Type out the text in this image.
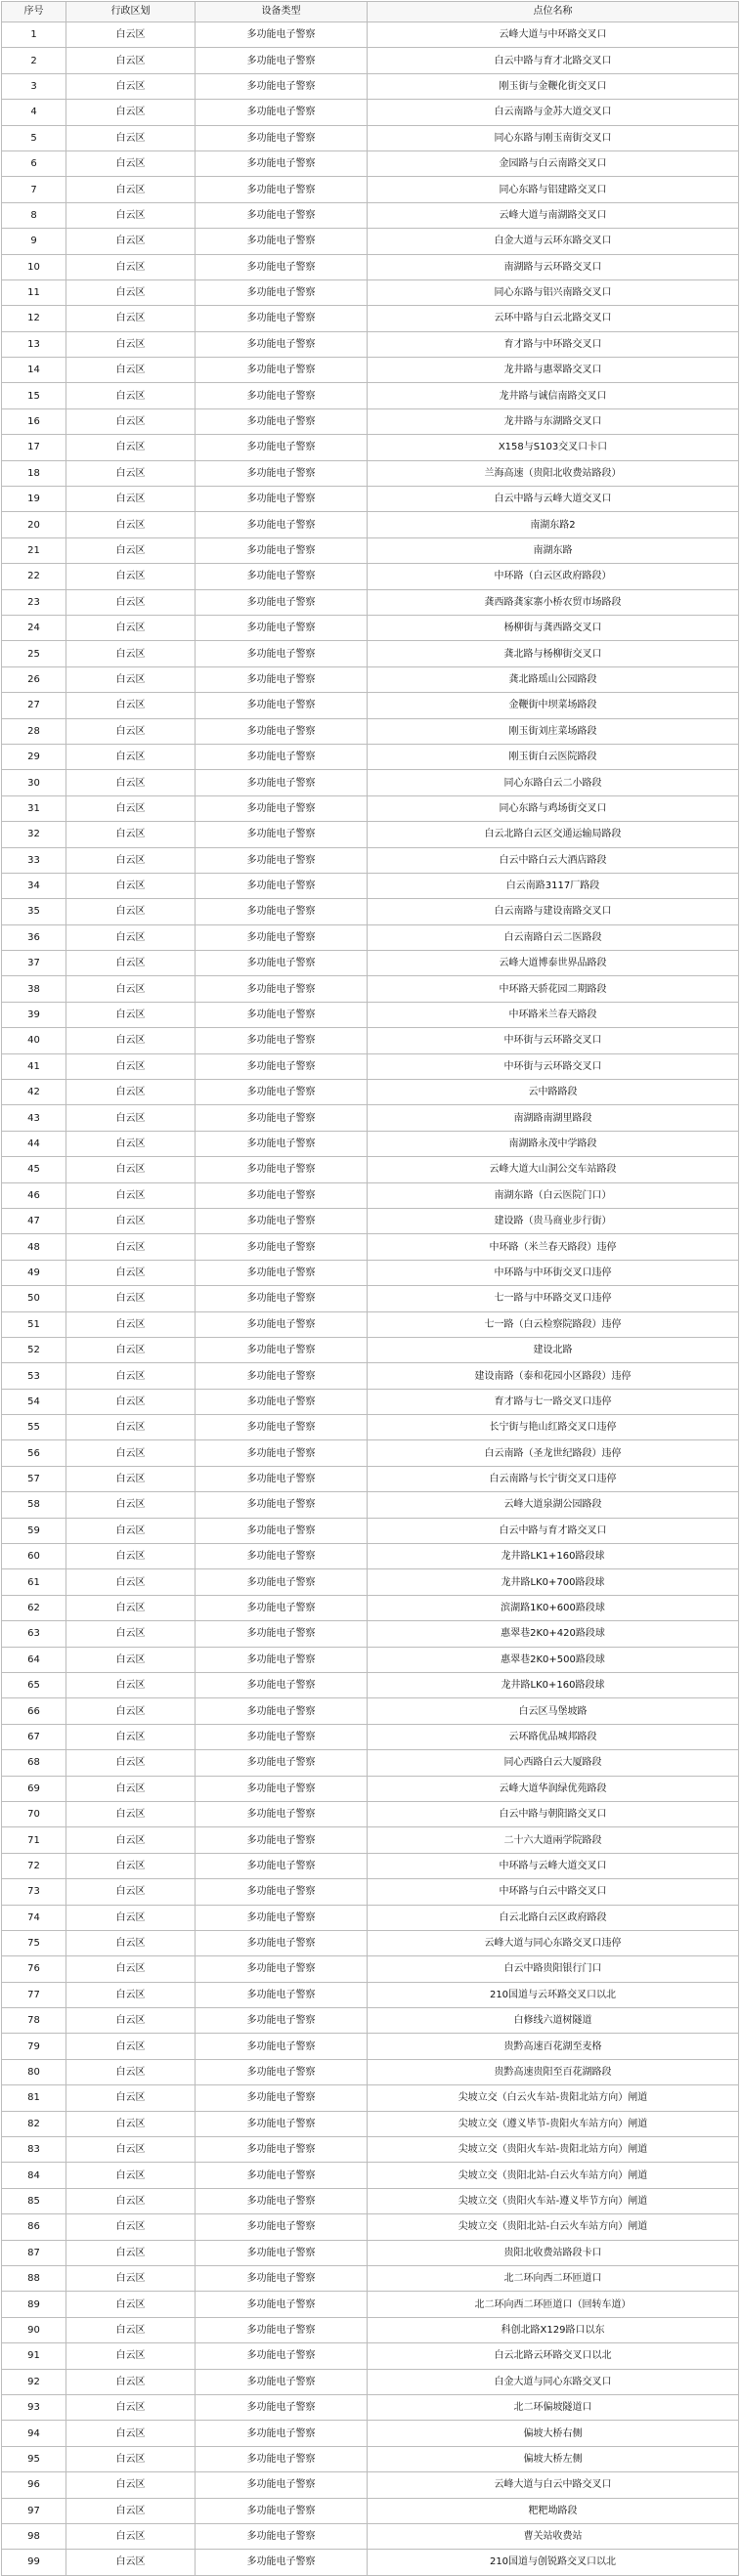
序号	行政区划	设备类型	点位名称
1	白云区	多功能电子警察	云峰大道与中环路交叉口
2	白云区	多功能电子警察	白云中路与育才北路交叉口
3	白云区	多功能电子警察	刚玉街与金鞭化街交叉口
4	白云区	多功能电子警察	白云南路与金苏大道交叉口
5	白云区	多功能电子警察	同心东路与刚玉南街交叉口
6	白云区	多功能电子警察	金园路与白云南路交叉口
7	白云区	多功能电子警察	同心东路与铝建路交叉口
8	白云区	多功能电子警察	云峰大道与南湖路交叉口
9	白云区	多功能电子警察	白金大道与云环东路交叉口
10	白云区	多功能电子警察	南湖路与云环路交叉口
11	白云区	多功能电子警察	同心东路与铝兴南路交叉口
12	白云区	多功能电子警察	云环中路与白云北路交叉口
13	白云区	多功能电子警察	育才路与中环路交叉口
14	白云区	多功能电子警察	龙井路与惠翠路交叉口
15	白云区	多功能电子警察	龙井路与诚信南路交叉口
16	白云区	多功能电子警察	龙井路与东湖路交叉口
17	白云区	多功能电子警察	X158与S103交叉口卡口
18	白云区	多功能电子警察	兰海高速（贵阳北收费站路段）
19	白云区	多功能电子警察	白云中路与云峰大道交叉口
20	白云区	多功能电子警察	南湖东路2
21	白云区	多功能电子警察	南湖东路
22	白云区	多功能电子警察	中环路（白云区政府路段）
23	白云区	多功能电子警察	龚西路龚家寨小桥农贸市场路段
24	白云区	多功能电子警察	杨柳街与龚西路交叉口
25	白云区	多功能电子警察	龚北路与杨柳街交叉口
26	白云区	多功能电子警察	龚北路瑶山公园路段
27	白云区	多功能电子警察	金鞭街中坝菜场路段
28	白云区	多功能电子警察	刚玉街刘庄菜场路段
29	白云区	多功能电子警察	刚玉街白云医院路段
30	白云区	多功能电子警察	同心东路白云二小路段
31	白云区	多功能电子警察	同心东路与鸡场街交叉口
32	白云区	多功能电子警察	白云北路白云区交通运输局路段
33	白云区	多功能电子警察	白云中路白云大酒店路段
34	白云区	多功能电子警察	白云南路3117厂路段
35	白云区	多功能电子警察	白云南路与建设南路交叉口
36	白云区	多功能电子警察	白云南路白云二医路段
37	白云区	多功能电子警察	云峰大道博泰世界品路段
38	白云区	多功能电子警察	中环路天骄花园二期路段
39	白云区	多功能电子警察	中环路米兰春天路段
40	白云区	多功能电子警察	中环街与云环路交叉口
41	白云区	多功能电子警察	中环街与云环路交叉口
42	白云区	多功能电子警察	云中路路段
43	白云区	多功能电子警察	南湖路南湖里路段
44	白云区	多功能电子警察	南湖路永茂中学路段
45	白云区	多功能电子警察	云峰大道大山洞公交车站路段
46	白云区	多功能电子警察	南湖东路（白云医院门口）
47	白云区	多功能电子警察	建设路（贵马商业步行街）
48	白云区	多功能电子警察	中环路（米兰春天路段）违停
49	白云区	多功能电子警察	中环路与中环街交叉口违停
50	白云区	多功能电子警察	七一路与中环路交叉口违停
51	白云区	多功能电子警察	七一路（白云检察院路段）违停
52	白云区	多功能电子警察	建设北路
53	白云区	多功能电子警察	建设南路（泰和花园小区路段）违停
54	白云区	多功能电子警察	育才路与七一路交叉口违停
55	白云区	多功能电子警察	长宁街与艳山红路交叉口违停
56	白云区	多功能电子警察	白云南路（圣龙世纪路段）违停
57	白云区	多功能电子警察	白云南路与长宁街交叉口违停
58	白云区	多功能电子警察	云峰大道泉湖公园路段
59	白云区	多功能电子警察	白云中路与育才路交叉口
60	白云区	多功能电子警察	龙井路LK1+160路段球
61	白云区	多功能电子警察	龙井路LK0+700路段球
62	白云区	多功能电子警察	滨湖路1K0+600路段球
63	白云区	多功能电子警察	惠翠巷2K0+420路段球
64	白云区	多功能电子警察	惠翠巷2K0+500路段球
65	白云区	多功能电子警察	龙井路LK0+160路段球
66	白云区	多功能电子警察	白云区马堡坡路
67	白云区	多功能电子警察	云环路优品城邦路段
68	白云区	多功能电子警察	同心西路白云大厦路段
69	白云区	多功能电子警察	云峰大道华润绿优苑路段
70	白云区	多功能电子警察	白云中路与朝阳路交叉口
71	白云区	多功能电子警察	二十六大道兩学院路段
72	白云区	多功能电子警察	中环路与云峰大道交叉口
73	白云区	多功能电子警察	中环路与白云中路交叉口
74	白云区	多功能电子警察	白云北路白云区政府路段
75	白云区	多功能电子警察	云峰大道与同心东路交叉口违停
76	白云区	多功能电子警察	白云中路贵阳银行门口
77	白云区	多功能电子警察	210国道与云环路交叉口以北
78	白云区	多功能电子警察	白修线六道树隧道
79	白云区	多功能电子警察	贵黔高速百花湖至麦格
80	白云区	多功能电子警察	贵黔高速贵阳至百花湖路段
81	白云区	多功能电子警察	尖坡立交（白云火车站-贵阳北站方向）闸道
82	白云区	多功能电子警察	尖坡立交（遵义毕节-贵阳火车站方向）闸道
83	白云区	多功能电子警察	尖坡立交（贵阳火车站-贵阳北站方向）闸道
84	白云区	多功能电子警察	尖坡立交（贵阳北站-白云火车站方向）闸道
85	白云区	多功能电子警察	尖坡立交（贵阳火车站-遵义毕节方向）闸道
86	白云区	多功能电子警察	尖坡立交（贵阳北站-白云火车站方向）闸道
87	白云区	多功能电子警察	贵阳北收费站路段卡口
88	白云区	多功能电子警察	北二环向西二环匝道口
89	白云区	多功能电子警察	北二环向西二环匝道口（回转车道）
90	白云区	多功能电子警察	科创北路X129路口以东
91	白云区	多功能电子警察	白云北路云环路交叉口以北
92	白云区	多功能电子警察	白金大道与同心东路交叉口
93	白云区	多功能电子警察	北二环偏坡隧道口
94	白云区	多功能电子警察	偏坡大桥右侧
95	白云区	多功能电子警察	偏坡大桥左侧
96	白云区	多功能电子警察	云峰大道与白云中路交叉口
97	白云区	多功能电子警察	粑粑坳路段
98	白云区	多功能电子警察	曹关站收费站
99	白云区	多功能电子警察	210国道与创锐路交叉口以北
